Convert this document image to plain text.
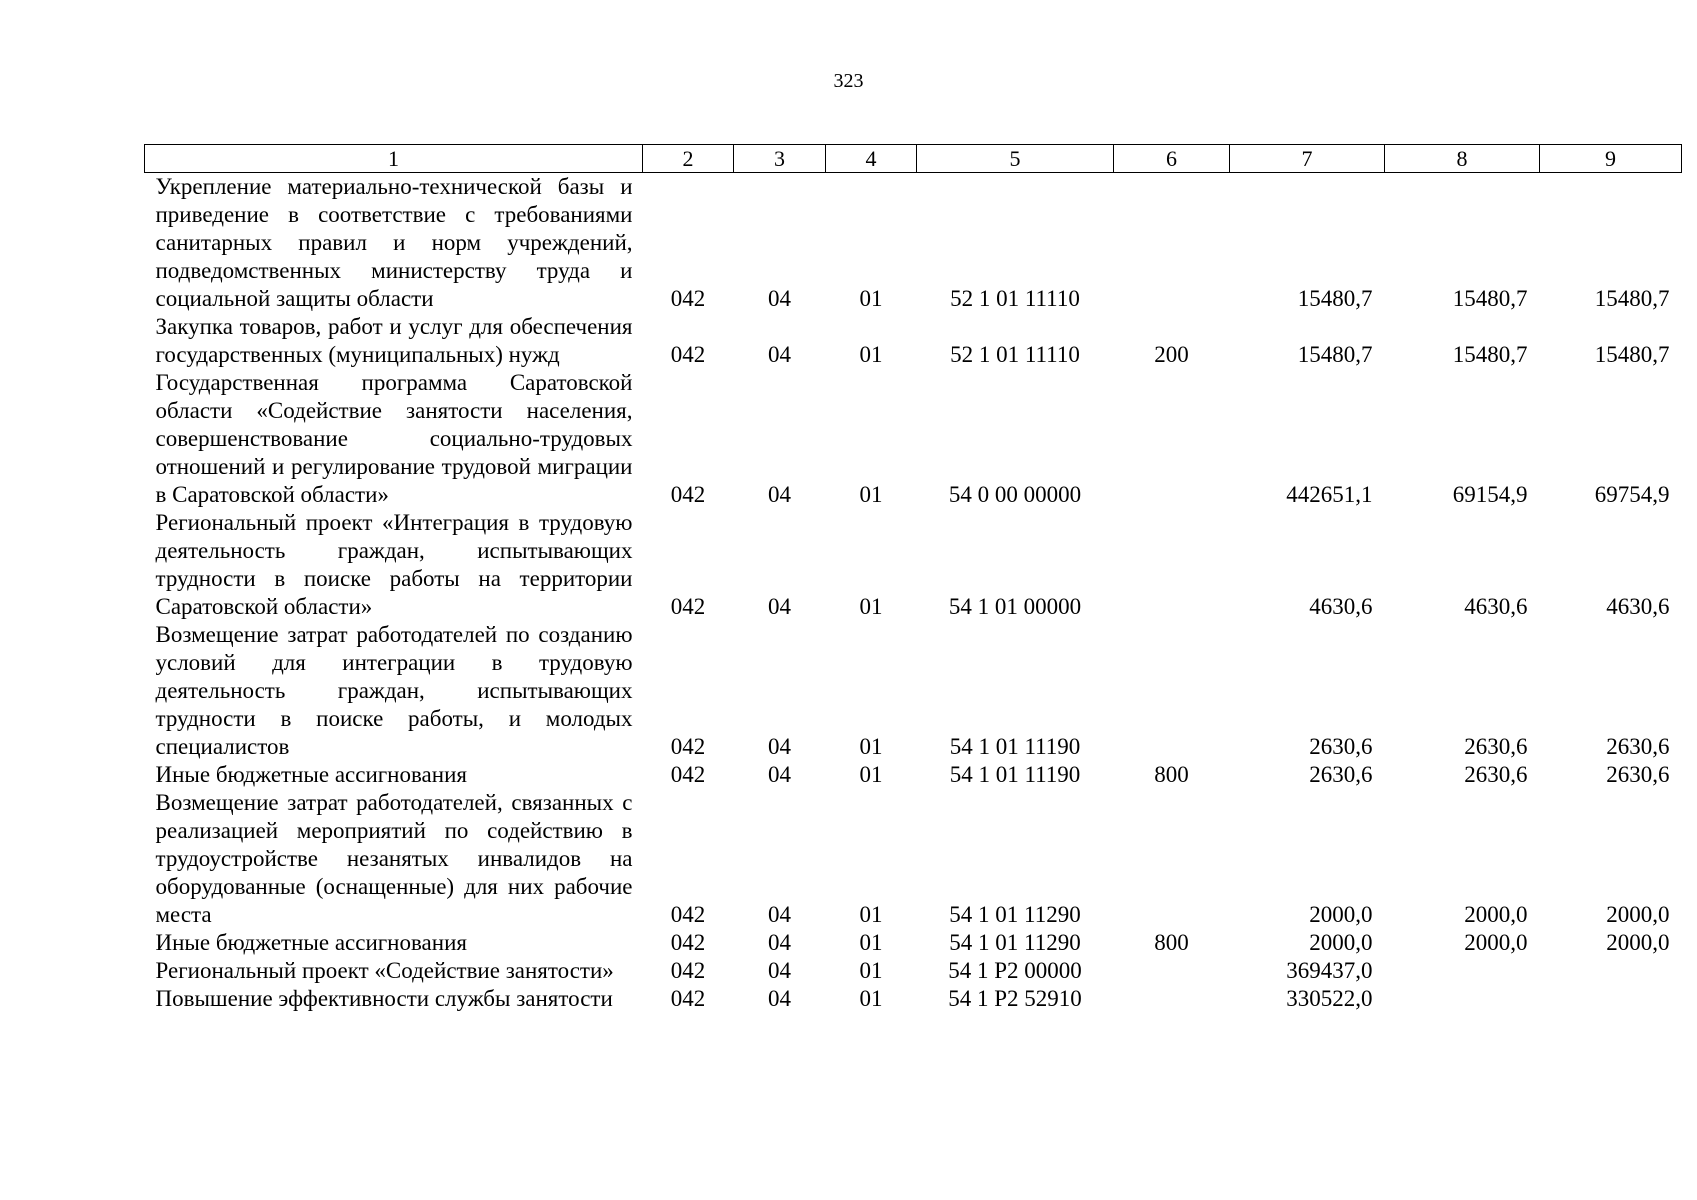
323
1	2	3	4	5	6	7	8	9
Укрепление материально-технической базы и приведение в соответствие с требованиями санитарных правил и норм учреждений, подведомственных министерству труда и социальной защиты области	042	04	01	52 1 01 11110		15480,7	15480,7	15480,7
Закупка товаров, работ и услуг для обеспечения государственных (муниципальных) нужд	042	04	01	52 1 01 11110	200	15480,7	15480,7	15480,7
Государственная программа Саратовской области «Содействие занятости населения, совершенствование социально-трудовых отношений и регулирование трудовой миграции в Саратовской области»	042	04	01	54 0 00 00000		442651,1	69154,9	69754,9
Региональный проект «Интеграция в трудовую деятельность граждан, испытывающих трудности в поиске работы на территории Саратовской области»	042	04	01	54 1 01 00000		4630,6	4630,6	4630,6
Возмещение затрат работодателей по созданию условий для интеграции в трудовую деятельность граждан, испытывающих трудности в поиске работы, и молодых специалистов	042	04	01	54 1 01 11190		2630,6	2630,6	2630,6
Иные бюджетные ассигнования	042	04	01	54 1 01 11190	800	2630,6	2630,6	2630,6
Возмещение затрат работодателей, связанных с реализацией мероприятий по содействию в трудоустройстве незанятых инвалидов на оборудованные (оснащенные) для них рабочие места	042	04	01	54 1 01 11290		2000,0	2000,0	2000,0
Иные бюджетные ассигнования	042	04	01	54 1 01 11290	800	2000,0	2000,0	2000,0
Региональный проект «Содействие занятости»	042	04	01	54 1 Р2 00000		369437,0		
Повышение эффективности службы занятости	042	04	01	54 1 Р2 52910		330522,0		
